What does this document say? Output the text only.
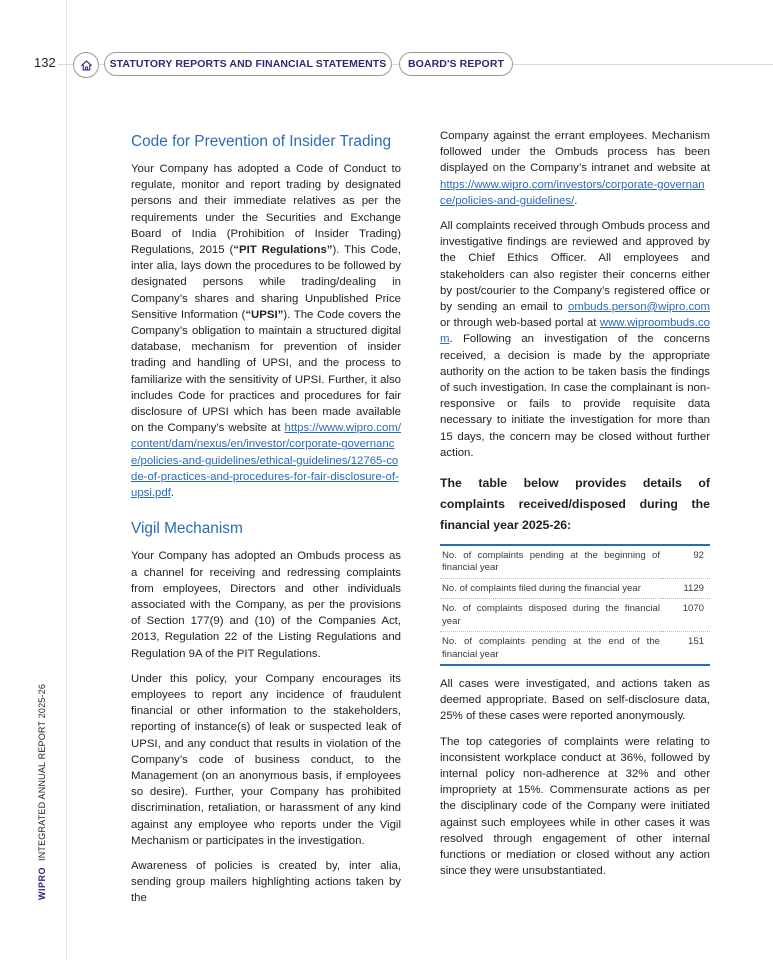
132	STATUTORY REPORTS AND FINANCIAL STATEMENTS	BOARD'S REPORT
WIPROINTEGRATED ANNUAL REPORT 2025-26
Code for Prevention of Insider Trading

Your Company has adopted a Code of Conduct to regulate, monitor and report trading by designated persons and their immediate relatives as per the requirements under the Securities and Exchange Board of India (Prohibition of Insider Trading) Regulations, 2015 (“PIT Regulations”). This Code, inter alia, lays down the procedures to be followed by designated persons while trading/dealing in Company’s shares and sharing Unpublished Price Sensitive Information (“UPSI”). The Code covers the Company’s obligation to maintain a structured digital database, mechanism for prevention of insider trading and handling of UPSI, and the process to familiarize with the sensitivity of UPSI. Further, it also includes Code for practices and procedures for fair disclosure of UPSI which has been made available on the Company’s website at https://www.wipro.com/content/dam/nexus/en/investor/corporate-governance/policies-and-guidelines/ethical-guidelines/12765-code-of-practices-and-procedures-for-fair-disclosure-of-upsi.pdf.

Vigil Mechanism

Your Company has adopted an Ombuds process as a channel for receiving and redressing complaints from employees, Directors and other individuals associated with the Company, as per the provisions of Section 177(9) and (10) of the Companies Act, 2013, Regulation 22 of the Listing Regulations and Regulation 9A of the PIT Regulations.

Under this policy, your Company encourages its employees to report any incidence of fraudulent financial or other information to the stakeholders, reporting of instance(s) of leak or suspected leak of UPSI, and any conduct that results in violation of the Company’s code of business conduct, to the Management (on an anonymous basis, if employees so desire). Further, your Company has prohibited discrimination, retaliation, or harassment of any kind against any employee who reports under the Vigil Mechanism or participates in the investigation.

Awareness of policies is created by, inter alia, sending group mailers highlighting actions taken by the

Company against the errant employees. Mechanism followed under the Ombuds process has been displayed on the Company’s intranet and website at https://www.wipro.com/investors/corporate-governance/policies-and-guidelines/.

All complaints received through Ombuds process and investigative findings are reviewed and approved by the Chief Ethics Officer. All employees and stakeholders can also register their concerns either by post/courier to the Company’s registered office or by sending an email to ombuds.person@wipro.com or through web-based portal at www.wiproombuds.com. Following an investigation of the concerns received, a decision is made by the appropriate authority on the action to be taken basis the findings of such investigation. In case the complainant is non-responsive or fails to provide requisite data necessary to initiate the investigation for more than 15 days, the concern may be closed without further action.

The table below provides details of complaints received/disposed during the financial year 2025-26:
No. of complaints pending at the beginning of financial year	92
No. of complaints filed during the financial year	1129
No. of complaints disposed during the financial year	1070
No. of complaints pending at the end of the financial year	151

All cases were investigated, and actions taken as deemed appropriate. Based on self-disclosure data, 25% of these cases were reported anonymously.

The top categories of complaints were relating to inconsistent workplace conduct at 36%, followed by internal policy non-adherence at 32% and other impropriety at 15%. Commensurate actions as per the disciplinary code of the Company were initiated against such employees while in other cases it was resolved through engagement of other internal functions or mediation or closed without any action since they were unsubstantiated.
